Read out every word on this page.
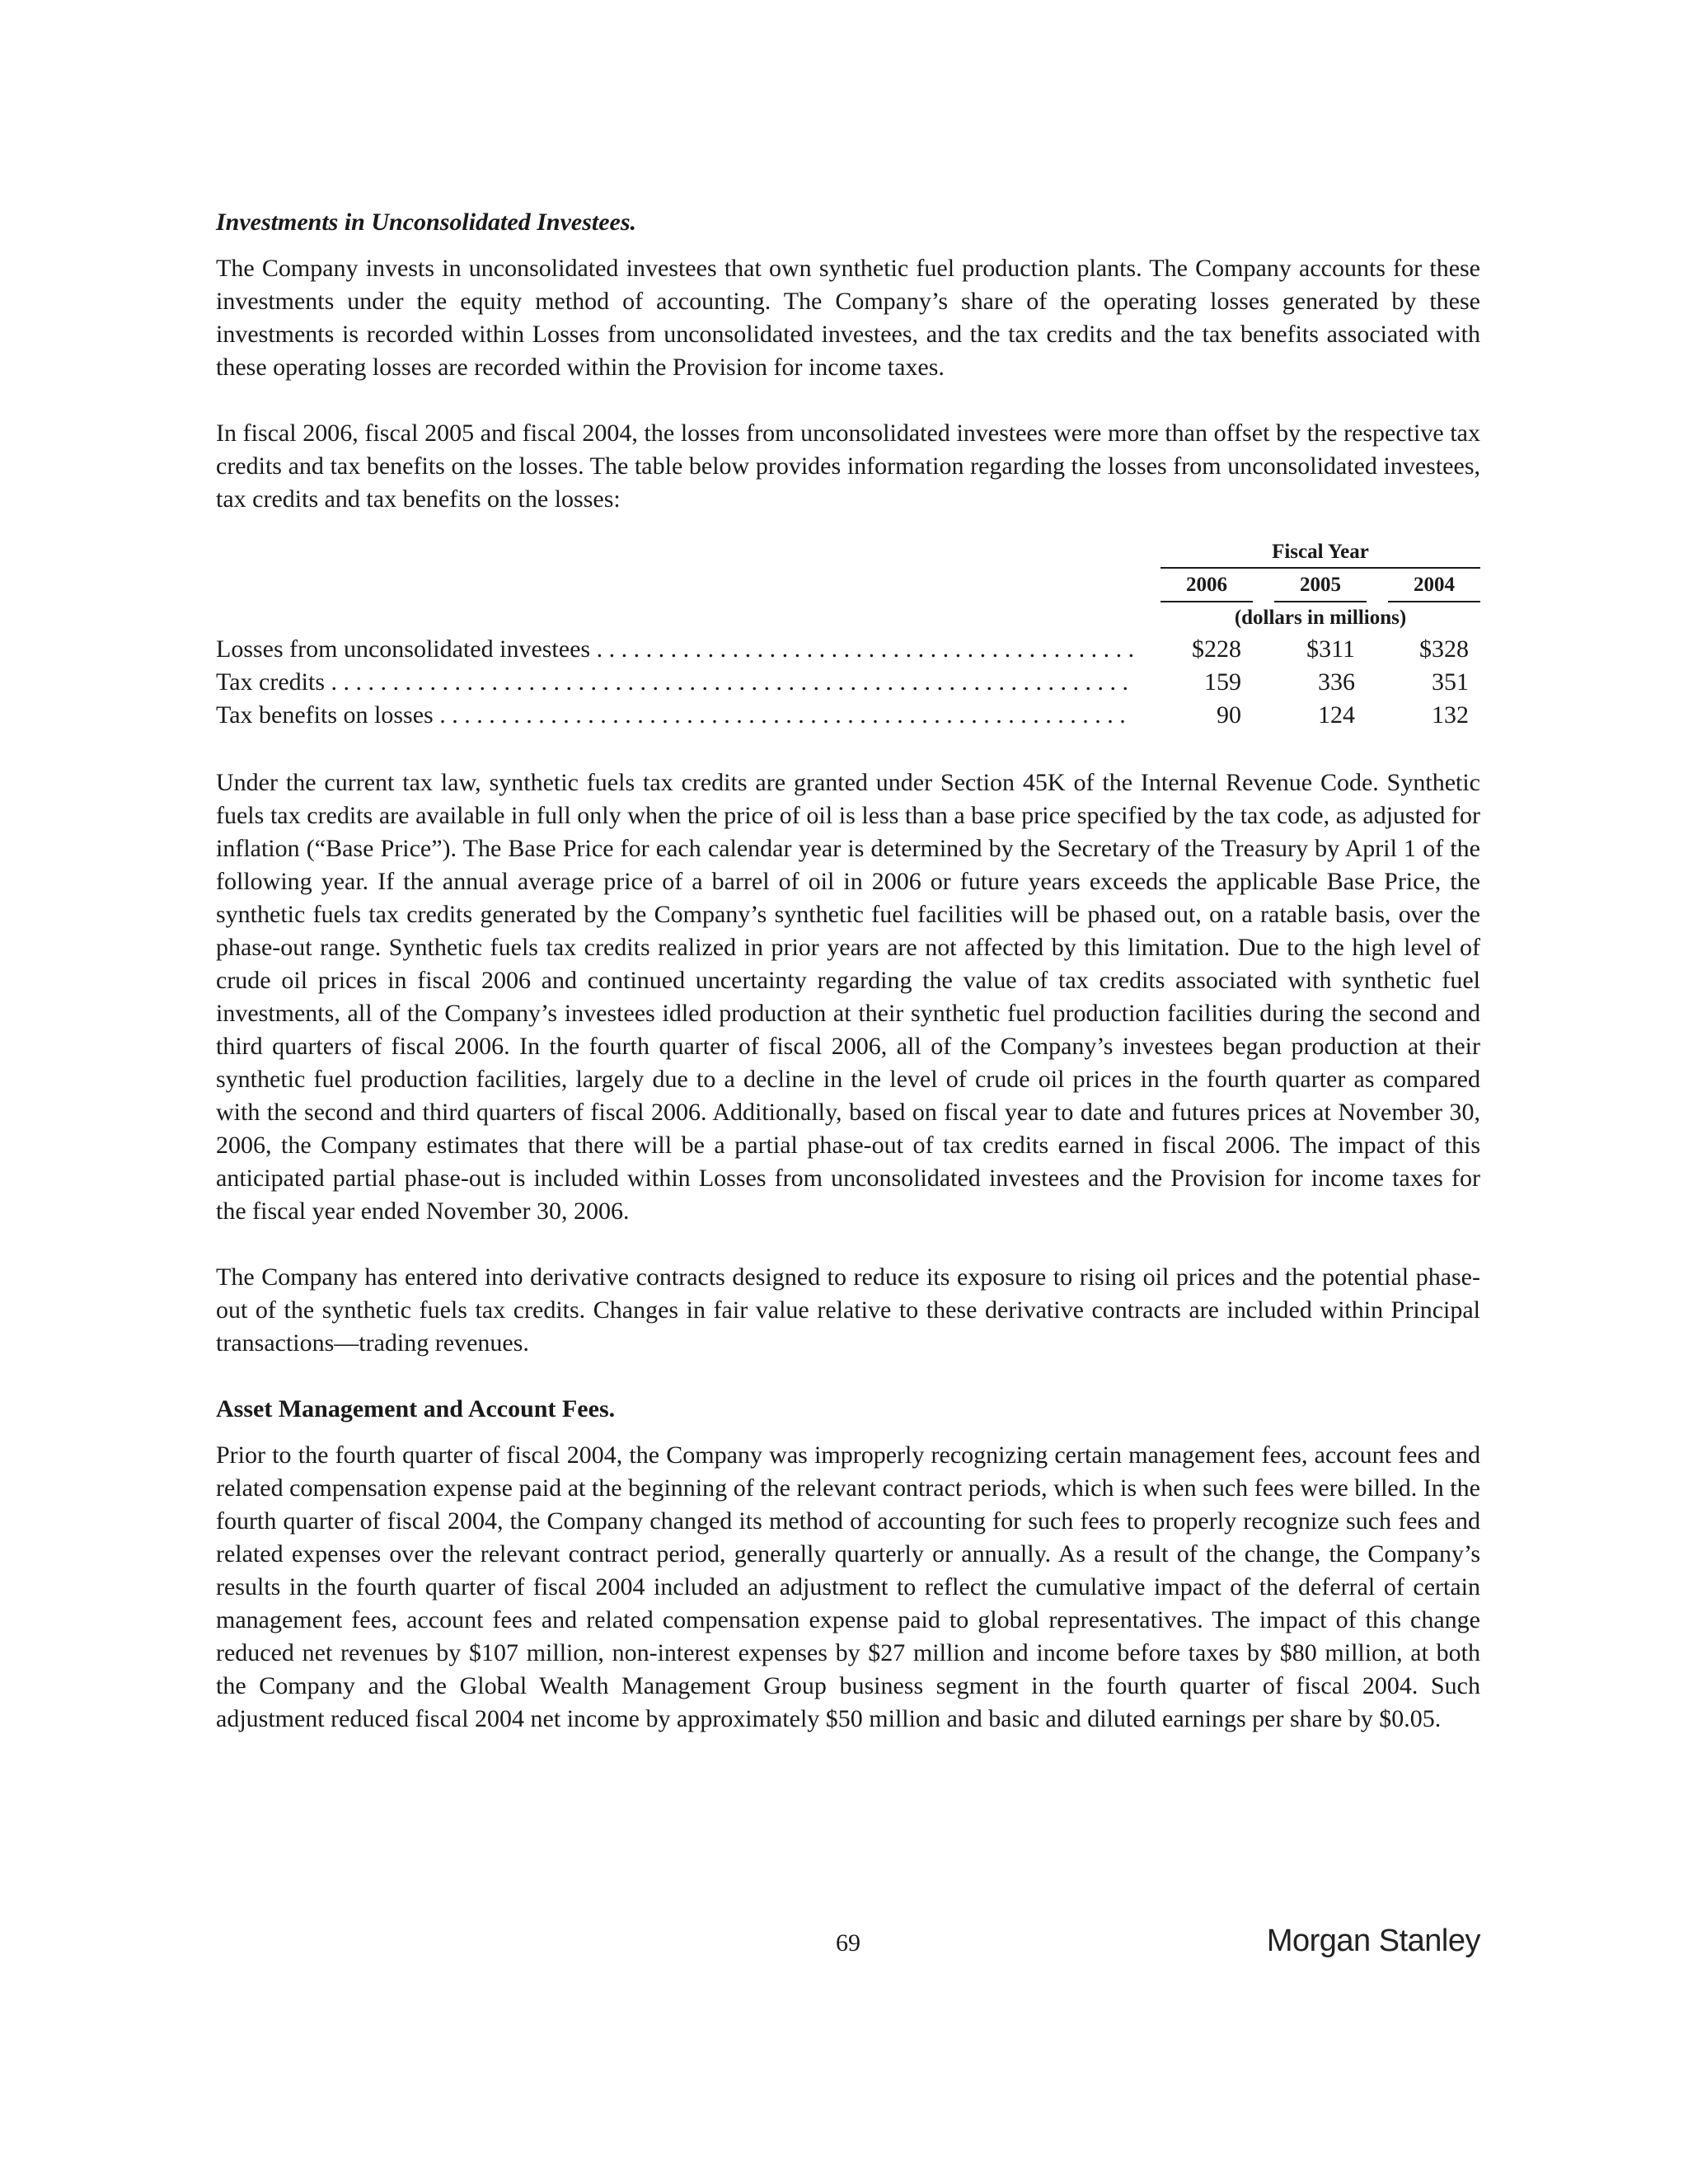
Investments in Unconsolidated Investees.

The Company invests in unconsolidated investees that own synthetic fuel production plants. The Company accounts for these investments under the equity method of accounting. The Company’s share of the operating losses generated by these investments is recorded within Losses from unconsolidated investees, and the tax credits and the tax benefits associated with these operating losses are recorded within the Provision for income taxes.

In fiscal 2006, fiscal 2005 and fiscal 2004, the losses from unconsolidated investees were more than offset by the respective tax credits and tax benefits on the losses. The table below provides information regarding the losses from unconsolidated investees, tax credits and tax benefits on the losses:

Fiscal Year
2006	2005	2004
(dollars in millions)
Losses from unconsolidated investees . . .	$228	$311	$328
Tax credits . . .	159	336	351
Tax benefits on losses . . .	90	124	132

Under the current tax law, synthetic fuels tax credits are granted under Section 45K of the Internal Revenue Code. Synthetic fuels tax credits are available in full only when the price of oil is less than a base price specified by the tax code, as adjusted for inflation (“Base Price”). The Base Price for each calendar year is determined by the Secretary of the Treasury by April 1 of the following year. If the annual average price of a barrel of oil in 2006 or future years exceeds the applicable Base Price, the synthetic fuels tax credits generated by the Company’s synthetic fuel facilities will be phased out, on a ratable basis, over the phase-out range. Synthetic fuels tax credits realized in prior years are not affected by this limitation. Due to the high level of crude oil prices in fiscal 2006 and continued uncertainty regarding the value of tax credits associated with synthetic fuel investments, all of the Company’s investees idled production at their synthetic fuel production facilities during the second and third quarters of fiscal 2006. In the fourth quarter of fiscal 2006, all of the Company’s investees began production at their synthetic fuel production facilities, largely due to a decline in the level of crude oil prices in the fourth quarter as compared with the second and third quarters of fiscal 2006. Additionally, based on fiscal year to date and futures prices at November 30, 2006, the Company estimates that there will be a partial phase-out of tax credits earned in fiscal 2006. The impact of this anticipated partial phase-out is included within Losses from unconsolidated investees and the Provision for income taxes for the fiscal year ended November 30, 2006.

The Company has entered into derivative contracts designed to reduce its exposure to rising oil prices and the potential phase-out of the synthetic fuels tax credits. Changes in fair value relative to these derivative contracts are included within Principal transactions—trading revenues.

Asset Management and Account Fees.

Prior to the fourth quarter of fiscal 2004, the Company was improperly recognizing certain management fees, account fees and related compensation expense paid at the beginning of the relevant contract periods, which is when such fees were billed. In the fourth quarter of fiscal 2004, the Company changed its method of accounting for such fees to properly recognize such fees and related expenses over the relevant contract period, generally quarterly or annually. As a result of the change, the Company’s results in the fourth quarter of fiscal 2004 included an adjustment to reflect the cumulative impact of the deferral of certain management fees, account fees and related compensation expense paid to global representatives. The impact of this change reduced net revenues by $107 million, non-interest expenses by $27 million and income before taxes by $80 million, at both the Company and the Global Wealth Management Group business segment in the fourth quarter of fiscal 2004. Such adjustment reduced fiscal 2004 net income by approximately $50 million and basic and diluted earnings per share by $0.05.

69	Morgan Stanley
